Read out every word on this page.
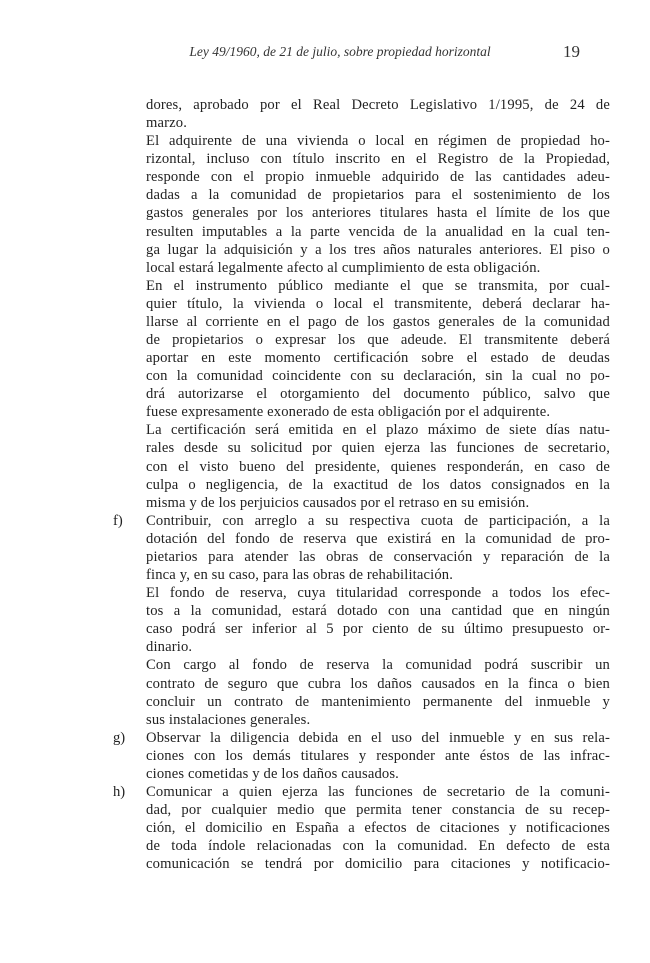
Ley 49/1960, de 21 de julio, sobre propiedad horizontal	19
dores, aprobado por el Real Decreto Legislativo 1/1995, de 24 de
marzo.
El adquirente de una vivienda o local en régimen de propiedad ho-
rizontal, incluso con título inscrito en el Registro de la Propiedad,
responde con el propio inmueble adquirido de las cantidades adeu-
dadas a la comunidad de propietarios para el sostenimiento de los
gastos generales por los anteriores titulares hasta el límite de los que
resulten imputables a la parte vencida de la anualidad en la cual ten-
ga lugar la adquisición y a los tres años naturales anteriores. El piso o
local estará legalmente afecto al cumplimiento de esta obligación.
En el instrumento público mediante el que se transmita, por cual-
quier título, la vivienda o local el transmitente, deberá declarar ha-
llarse al corriente en el pago de los gastos generales de la comunidad
de propietarios o expresar los que adeude. El transmitente deberá
aportar en este momento certificación sobre el estado de deudas
con la comunidad coincidente con su declaración, sin la cual no po-
drá autorizarse el otorgamiento del documento público, salvo que
fuese expresamente exonerado de esta obligación por el adquirente.
La certificación será emitida en el plazo máximo de siete días natu-
rales desde su solicitud por quien ejerza las funciones de secretario,
con el visto bueno del presidente, quienes responderán, en caso de
culpa o negligencia, de la exactitud de los datos consignados en la
misma y de los perjuicios causados por el retraso en su emisión.
f) Contribuir, con arreglo a su respectiva cuota de participación, a la
dotación del fondo de reserva que existirá en la comunidad de pro-
pietarios para atender las obras de conservación y reparación de la
finca y, en su caso, para las obras de rehabilitación.
El fondo de reserva, cuya titularidad corresponde a todos los efec-
tos a la comunidad, estará dotado con una cantidad que en ningún
caso podrá ser inferior al 5 por ciento de su último presupuesto or-
dinario.
Con cargo al fondo de reserva la comunidad podrá suscribir un
contrato de seguro que cubra los daños causados en la finca o bien
concluir un contrato de mantenimiento permanente del inmueble y
sus instalaciones generales.
g) Observar la diligencia debida en el uso del inmueble y en sus rela-
ciones con los demás titulares y responder ante éstos de las infrac-
ciones cometidas y de los daños causados.
h) Comunicar a quien ejerza las funciones de secretario de la comuni-
dad, por cualquier medio que permita tener constancia de su recep-
ción, el domicilio en España a efectos de citaciones y notificaciones
de toda índole relacionadas con la comunidad. En defecto de esta
comunicación se tendrá por domicilio para citaciones y notificacio-
